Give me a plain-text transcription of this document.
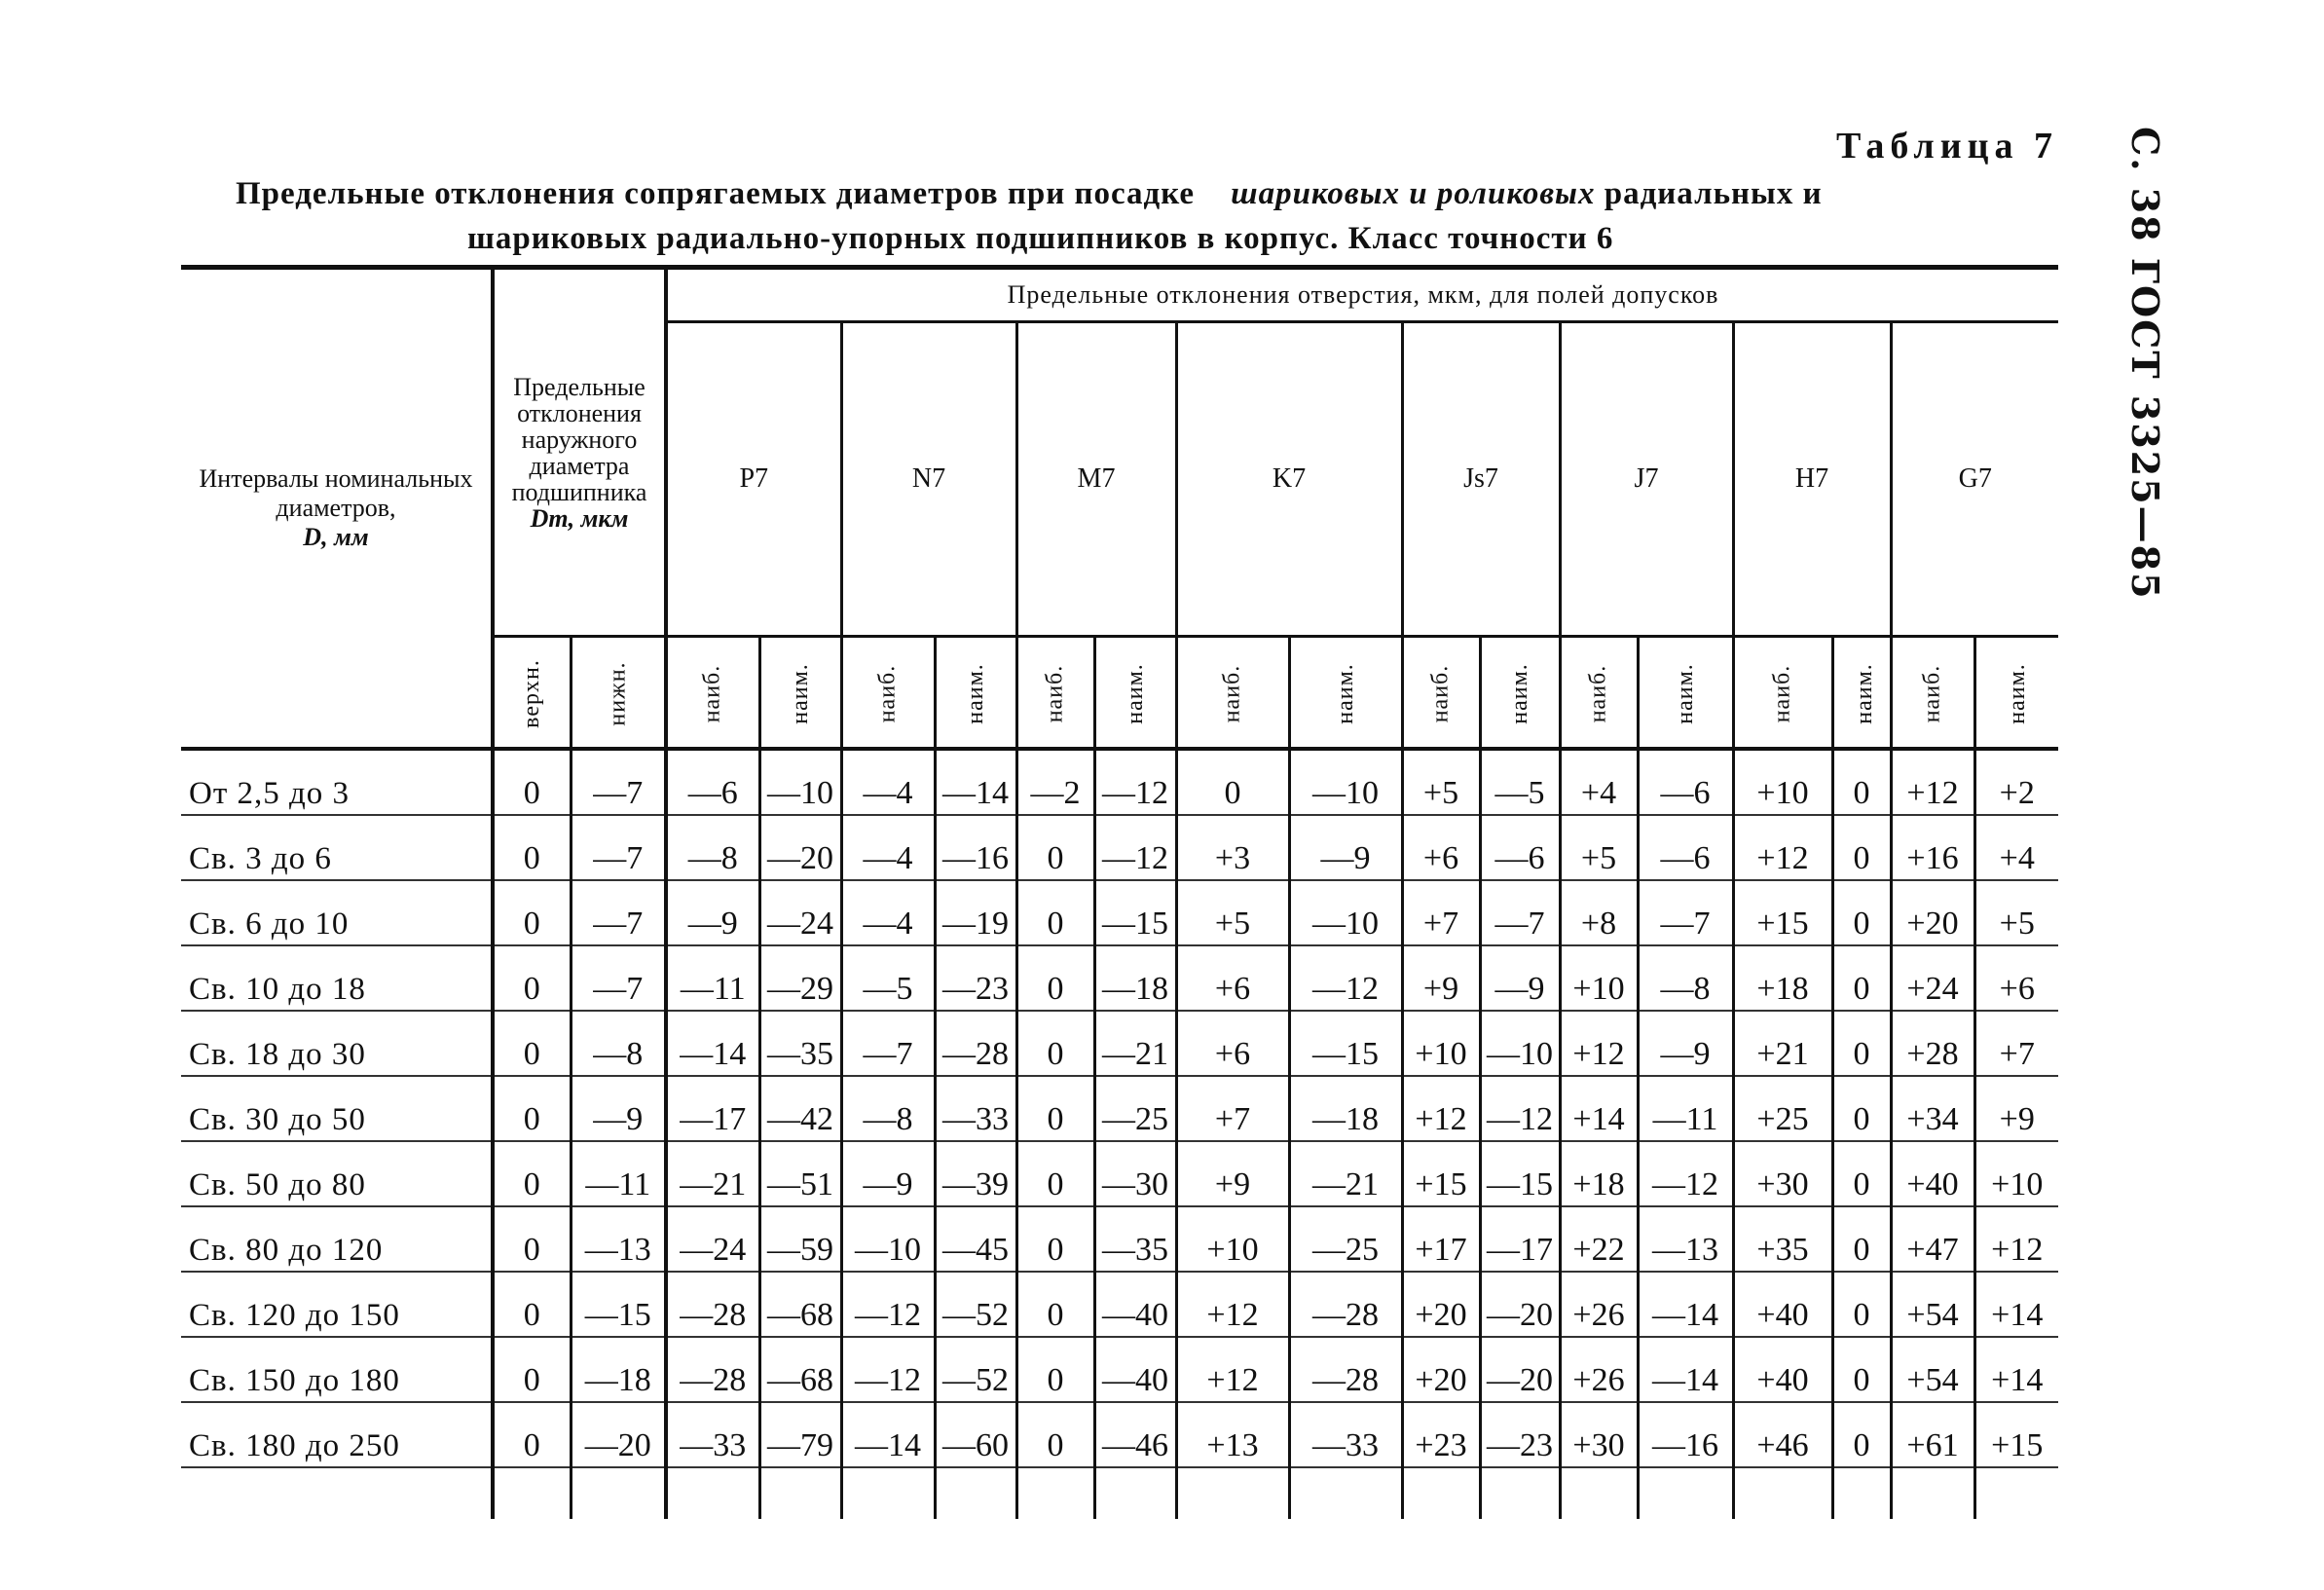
С. 38 ГОСТ 3325—85
Таблица 7
Предельные отклонения сопрягаемых диаметров при посадке шариковых и роликовых радиальных и
шариковых радиально-упорных подшипников в корпус. Класс точности 6
Интервалы номинальных диаметров,
D, мм	Предельные отклонения наружного диаметра подшипника
Dm, мкм		Предельные отклонения отверстия, мкм, для полей допусков															
			P7		N7		M7		K7		Js7		J7		H7		G7	
	верхн.	нижн.	наиб.	наим.	наиб.	наим.	наиб.	наим.	наиб.	наим.	наиб.	наим.	наиб.	наим.	наиб.	наим.	наиб.	наим.
От 2,5 до 3	0	—7	—6	—10	—4	—14	—2	—12	0	—10	+5	—5	+4	—6	+10	0	+12	+2
Св. 3 до 6	0	—7	—8	—20	—4	—16	0	—12	+3	—9	+6	—6	+5	—6	+12	0	+16	+4
Св. 6 до 10	0	—7	—9	—24	—4	—19	0	—15	+5	—10	+7	—7	+8	—7	+15	0	+20	+5
Св. 10 до 18	0	—7	—11	—29	—5	—23	0	—18	+6	—12	+9	—9	+10	—8	+18	0	+24	+6
Св. 18 до 30	0	—8	—14	—35	—7	—28	0	—21	+6	—15	+10	—10	+12	—9	+21	0	+28	+7
Св. 30 до 50	0	—9	—17	—42	—8	—33	0	—25	+7	—18	+12	—12	+14	—11	+25	0	+34	+9
Св. 50 до 80	0	—11	—21	—51	—9	—39	0	—30	+9	—21	+15	—15	+18	—12	+30	0	+40	+10
Св. 80 до 120	0	—13	—24	—59	—10	—45	0	—35	+10	—25	+17	—17	+22	—13	+35	0	+47	+12
Св. 120 до 150	0	—15	—28	—68	—12	—52	0	—40	+12	—28	+20	—20	+26	—14	+40	0	+54	+14
Св. 150 до 180	0	—18	—28	—68	—12	—52	0	—40	+12	—28	+20	—20	+26	—14	+40	0	+54	+14
Св. 180 до 250	0	—20	—33	—79	—14	—60	0	—46	+13	—33	+23	—23	+30	—16	+46	0	+61	+15
